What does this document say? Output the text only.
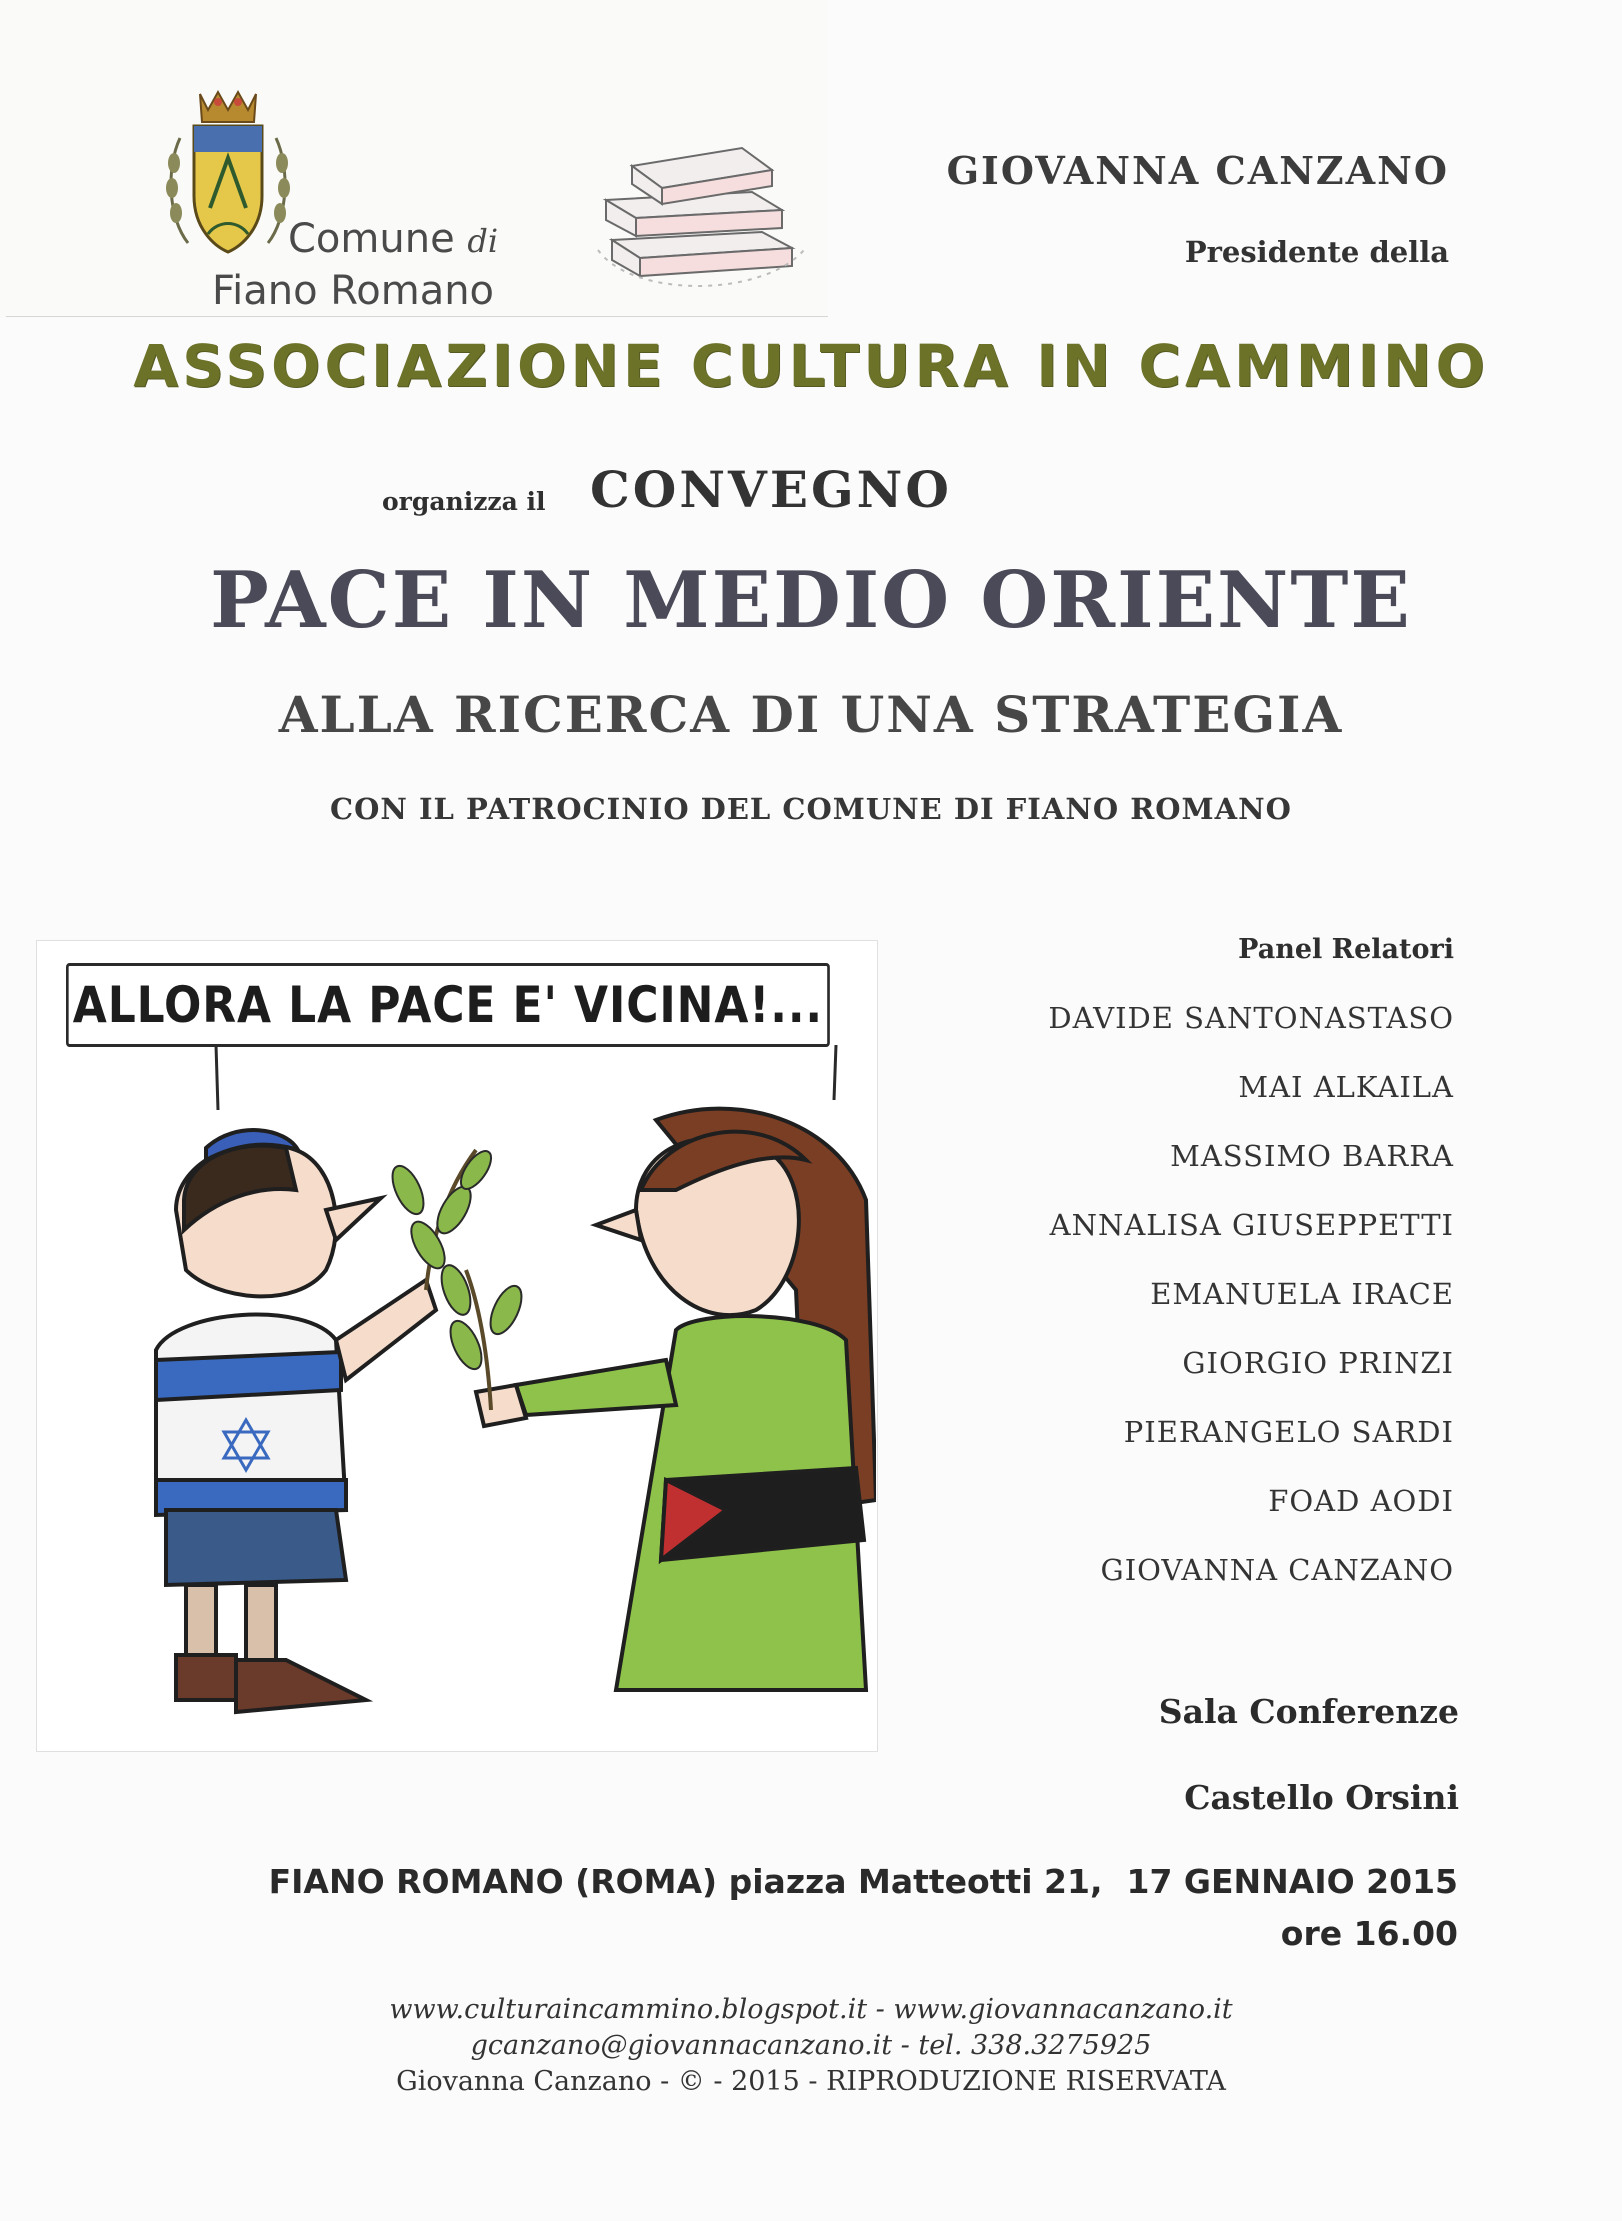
Comune di
Fiano Romano
GIOVANNA CANZANO
Presidente della
ASSOCIAZIONE CULTURA IN CAMMINO
organizza il CONVEGNO
PACE IN MEDIO ORIENTE
ALLA RICERCA DI UNA STRATEGIA
CON IL PATROCINIO DEL COMUNE DI FIANO ROMANO
ALLORA LA PACE E' VICINA!...
Panel Relatori
DAVIDE SANTONASTASO
MAI ALKAILA
MASSIMO BARRA
ANNALISA GIUSEPPETTI
EMANUELA IRACE
GIORGIO PRINZI
PIERANGELO SARDI
FOAD AODI
GIOVANNA CANZANO
Sala Conferenze
Castello Orsini
FIANO ROMANO (ROMA) piazza Matteotti 21, 17 GENNAIO 2015
ore 16.00
www.culturaincammino.blogspot.it - www.giovannacanzano.it
gcanzano@giovannacanzano.it - tel. 338.3275925
Giovanna Canzano - © - 2015 - RIPRODUZIONE RISERVATA
